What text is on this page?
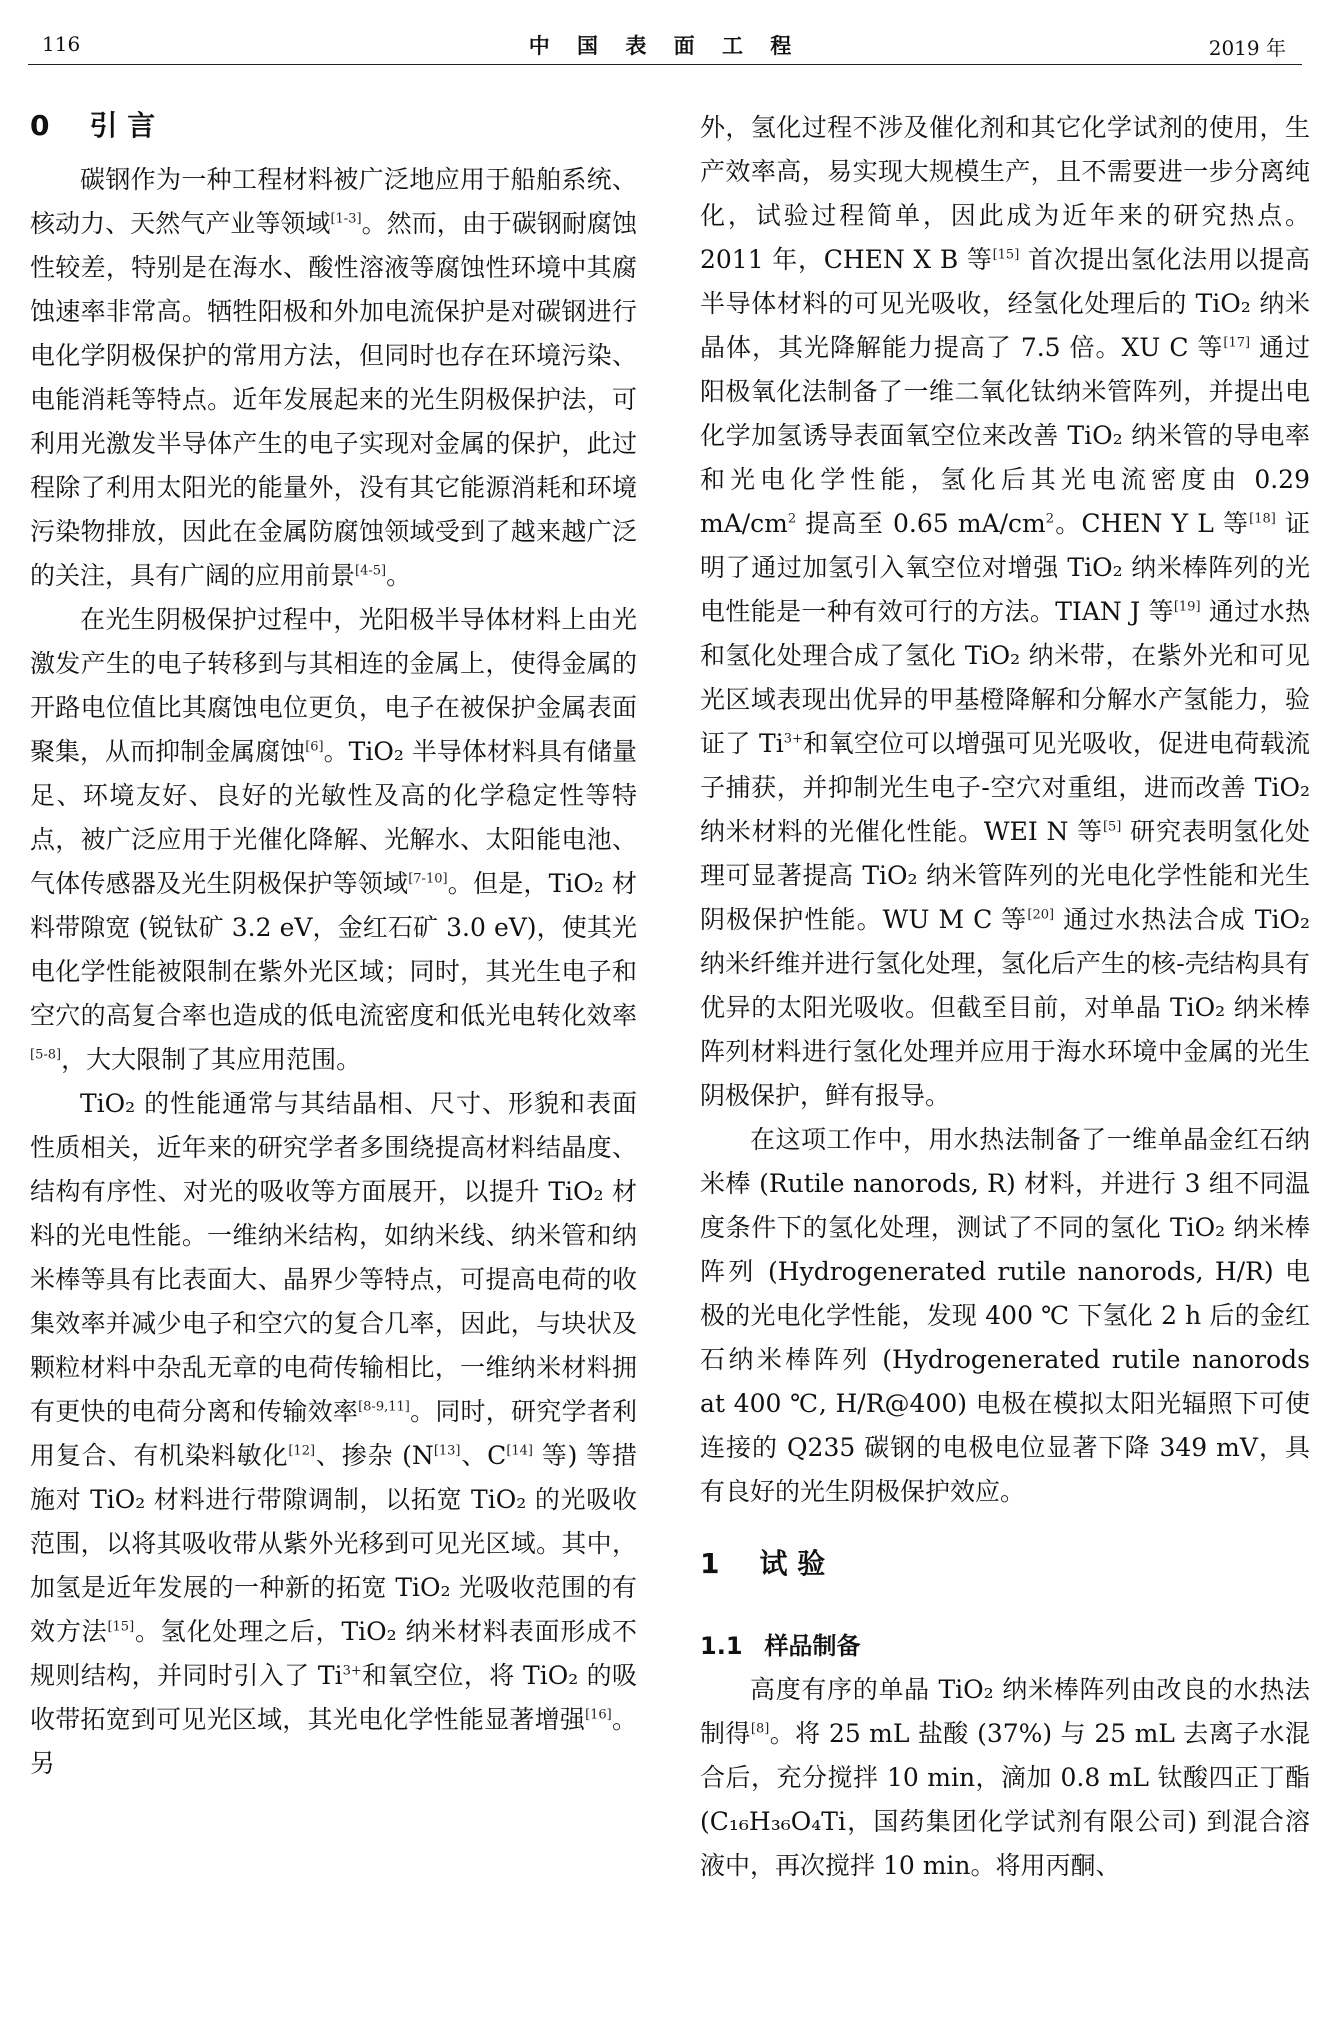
116	中 国 表 面 工 程	2019 年
0 引 言

碳钢作为一种工程材料被广泛地应用于船舶系统、核动力、天然气产业等领域[1-3]。然而，由于碳钢耐腐蚀性较差，特别是在海水、酸性溶液等腐蚀性环境中其腐蚀速率非常高。牺牲阳极和外加电流保护是对碳钢进行电化学阴极保护的常用方法，但同时也存在环境污染、电能消耗等特点。近年发展起来的光生阴极保护法，可利用光激发半导体产生的电子实现对金属的保护，此过程除了利用太阳光的能量外，没有其它能源消耗和环境污染物排放，因此在金属防腐蚀领域受到了越来越广泛的关注，具有广阔的应用前景[4-5]。

在光生阴极保护过程中，光阳极半导体材料上由光激发产生的电子转移到与其相连的金属上，使得金属的开路电位值比其腐蚀电位更负，电子在被保护金属表面聚集，从而抑制金属腐蚀[6]。TiO₂ 半导体材料具有储量足、环境友好、良好的光敏性及高的化学稳定性等特点，被广泛应用于光催化降解、光解水、太阳能电池、气体传感器及光生阴极保护等领域[7-10]。但是，TiO₂ 材料带隙宽 (锐钛矿 3.2 eV，金红石矿 3.0 eV)，使其光电化学性能被限制在紫外光区域；同时，其光生电子和空穴的高复合率也造成的低电流密度和低光电转化效率[5-8]，大大限制了其应用范围。

TiO₂ 的性能通常与其结晶相、尺寸、形貌和表面性质相关，近年来的研究学者多围绕提高材料结晶度、结构有序性、对光的吸收等方面展开，以提升 TiO₂ 材料的光电性能。一维纳米结构，如纳米线、纳米管和纳米棒等具有比表面大、晶界少等特点，可提高电荷的收集效率并减少电子和空穴的复合几率，因此，与块状及颗粒材料中杂乱无章的电荷传输相比，一维纳米材料拥有更快的电荷分离和传输效率[8-9,11]。同时，研究学者利用复合、有机染料敏化[12]、掺杂 (N[13]、C[14] 等) 等措施对 TiO₂ 材料进行带隙调制，以拓宽 TiO₂ 的光吸收范围，以将其吸收带从紫外光移到可见光区域。其中，加氢是近年发展的一种新的拓宽 TiO₂ 光吸收范围的有效方法[15]。氢化处理之后，TiO₂ 纳米材料表面形成不规则结构，并同时引入了 $Ti^{3+}$和氧空位，将 TiO₂ 的吸收带拓宽到可见光区域，其光电化学性能显著增强[16]。另

外，氢化过程不涉及催化剂和其它化学试剂的使用，生产效率高，易实现大规模生产，且不需要进一步分离纯化，试验过程简单，因此成为近年来的研究热点。2011 年，CHEN X B 等[15] 首次提出氢化法用以提高半导体材料的可见光吸收，经氢化处理后的 TiO₂ 纳米晶体，其光降解能力提高了 7.5 倍。XU C 等[17] 通过阳极氧化法制备了一维二氧化钛纳米管阵列，并提出电化学加氢诱导表面氧空位来改善 TiO₂ 纳米管的导电率和光电化学性能，氢化后其光电流密度由 0.29 $mA/cm^2$ 提高至 0.65 $mA/cm^2$。CHEN Y L 等[18] 证明了通过加氢引入氧空位对增强 TiO₂ 纳米棒阵列的光电性能是一种有效可行的方法。TIAN J 等[19] 通过水热和氢化处理合成了氢化 TiO₂ 纳米带，在紫外光和可见光区域表现出优异的甲基橙降解和分解水产氢能力，验证了 $Ti^{3+}$和氧空位可以增强可见光吸收，促进电荷载流子捕获，并抑制光生电子-空穴对重组，进而改善 TiO₂ 纳米材料的光催化性能。WEI N 等[5] 研究表明氢化处理可显著提高 TiO₂ 纳米管阵列的光电化学性能和光生阴极保护性能。WU M C 等[20] 通过水热法合成 TiO₂ 纳米纤维并进行氢化处理，氢化后产生的核-壳结构具有优异的太阳光吸收。但截至目前，对单晶 TiO₂ 纳米棒阵列材料进行氢化处理并应用于海水环境中金属的光生阴极保护，鲜有报导。

在这项工作中，用水热法制备了一维单晶金红石纳米棒 (Rutile nanorods, R) 材料，并进行 3 组不同温度条件下的氢化处理，测试了不同的氢化 TiO₂ 纳米棒阵列 (Hydrogenerated rutile nanorods, H/R) 电极的光电化学性能，发现 400 ℃ 下氢化 2 h 后的金红石纳米棒阵列 (Hydrogenerated rutile nanorods at 400 ℃, H/R@400) 电极在模拟太阳光辐照下可使连接的 Q235 碳钢的电极电位显著下降 349 mV，具有良好的光生阴极保护效应。

1 试 验
1.1 样品制备

高度有序的单晶 TiO₂ 纳米棒阵列由改良的水热法制得[8]。将 25 mL 盐酸 (37%) 与 25 mL 去离子水混合后，充分搅拌 10 min，滴加 0.8 mL 钛酸四正丁酯 (C₁₆H₃₆O₄Ti，国药集团化学试剂有限公司) 到混合溶液中，再次搅拌 10 min。将用丙酮、
